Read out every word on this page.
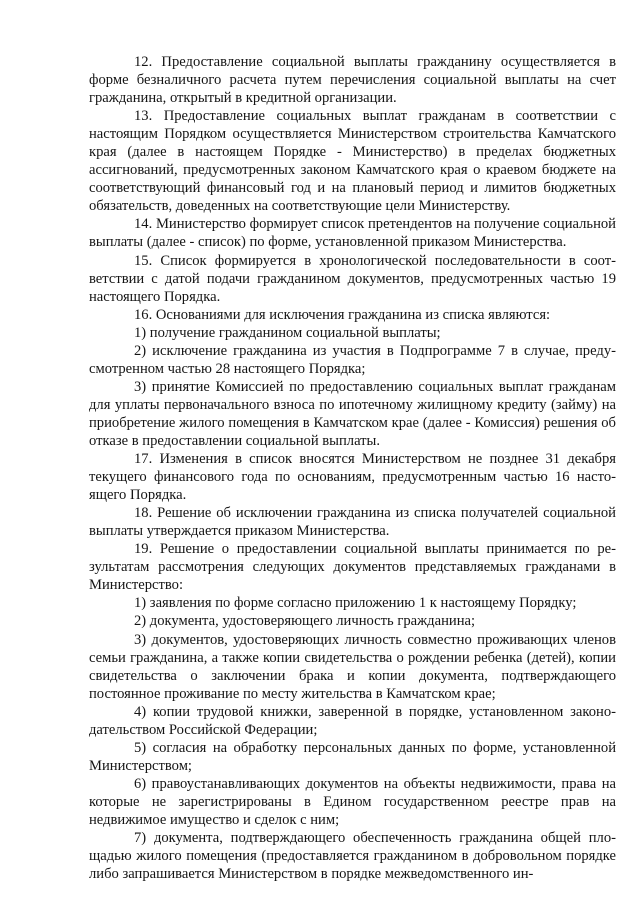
12. Предоставление социальной выплаты гражданину осуществляется в форме безналичного расчета путем перечисления социальной выплаты на счет гражданина, открытый в кредитной организации.

13. Предоставление социальных выплат гражданам в соответствии с настоящим Порядком осуществляется Министерством строительства Камчатского края (далее в настоящем Порядке - Министерство) в пределах бюджетных ассигнований, предусмотренных законом Камчатского края о краевом бюджете на соответствующий финансовый год и на плановый период и лимитов бюджетных обязательств, доведенных на соответствующие цели Министерству.

14. Министерство формирует список претендентов на получение социальной выплаты (далее - список) по форме, установленной приказом Министерства.

15. Список формируется в хронологической последовательности в соответствии с датой подачи гражданином документов, предусмотренных частью 19 настоящего Порядка.

16. Основаниями для исключения гражданина из списка являются:

1) получение гражданином социальной выплаты;

2) исключение гражданина из участия в Подпрограмме 7 в случае, предусмотренном частью 28 настоящего Порядка;

3) принятие Комиссией по предоставлению социальных выплат гражданам для уплаты первоначального взноса по ипотечному жилищному кредиту (займу) на приобретение жилого помещения в Камчатском крае (далее - Комиссия) решения об отказе в предоставлении социальной выплаты.

17. Изменения в список вносятся Министерством не позднее 31 декабря текущего финансового года по основаниям, предусмотренным частью 16 настоящего Порядка.

18. Решение об исключении гражданина из списка получателей социальной выплаты утверждается приказом Министерства.

19. Решение о предоставлении социальной выплаты принимается по результатам рассмотрения следующих документов представляемых гражданами в Министерство:

1) заявления по форме согласно приложению 1 к настоящему Порядку;

2) документа, удостоверяющего личность гражданина;

3) документов, удостоверяющих личность совместно проживающих членов семьи гражданина, а также копии свидетельства о рождении ребенка (детей), копии свидетельства о заключении брака и копии документа, подтверждающего постоянное проживание по месту жительства в Камчатском крае;

4) копии трудовой книжки, заверенной в порядке, установленном законодательством Российской Федерации;

5) согласия на обработку персональных данных по форме, установленной Министерством;

6) правоустанавливающих документов на объекты недвижимости, права на которые не зарегистрированы в Едином государственном реестре прав на недвижимое имущество и сделок с ним;

7) документа, подтверждающего обеспеченность гражданина общей площадью жилого помещения (предоставляется гражданином в добровольном порядке либо запрашивается Министерством в порядке межведомственного ин-
